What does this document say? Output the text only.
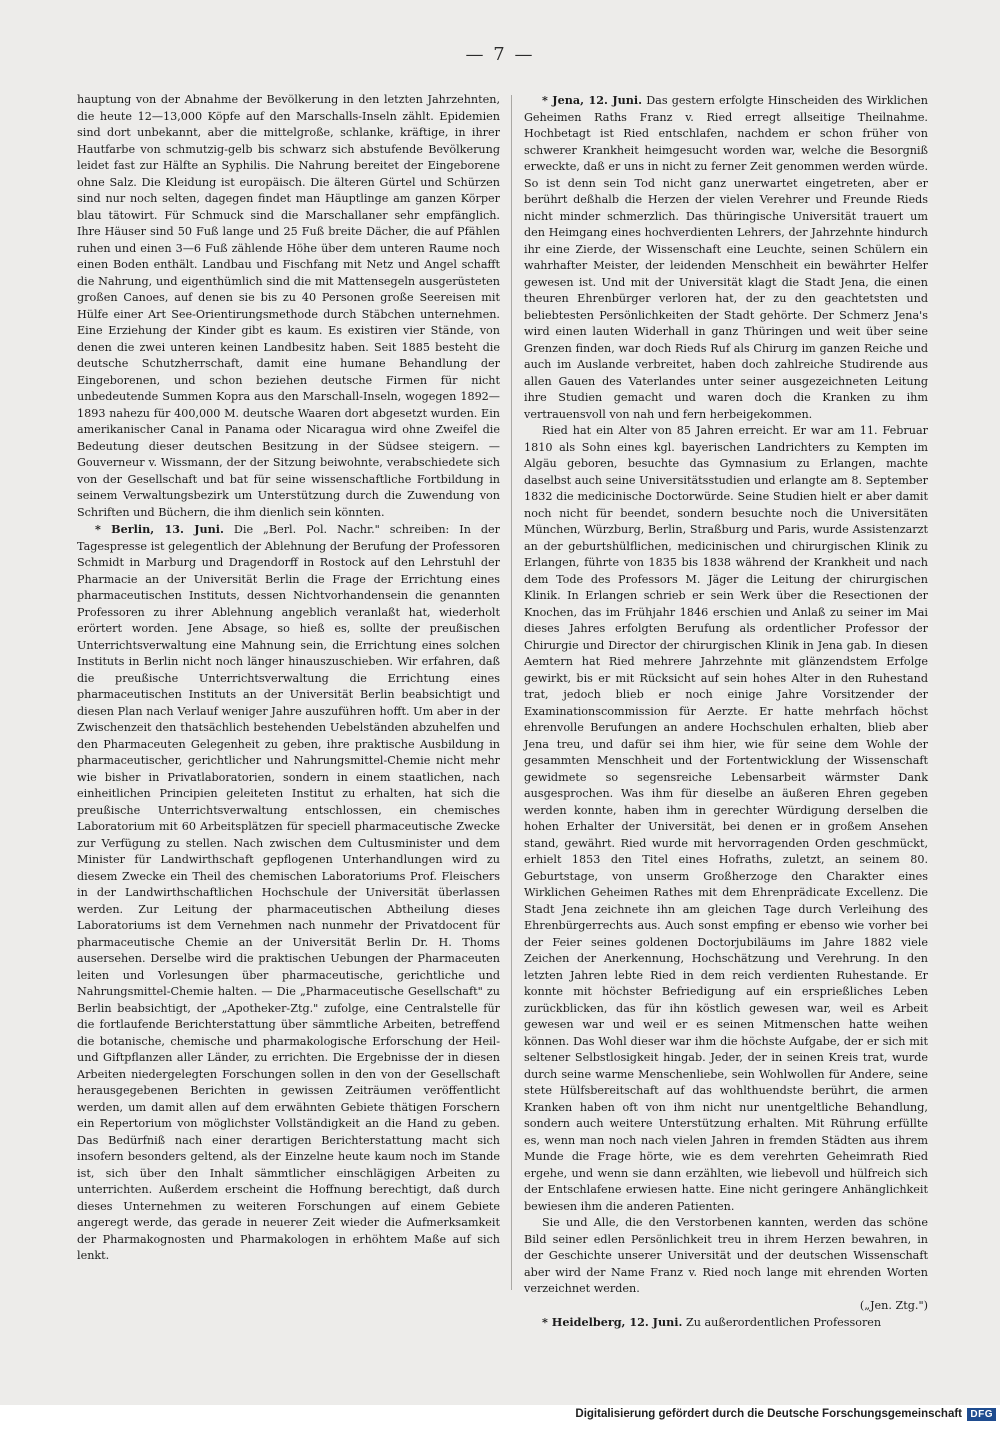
— 7 —

hauptung von der Abnahme der Bevölkerung in den letzten Jahrzehnten, die heute 12—13,000 Köpfe auf den Marschalls-Inseln zählt. Epidemien sind dort unbekannt, aber die mittelgroße, schlanke, kräftige, in ihrer Hautfarbe von schmutzig-gelb bis schwarz sich abstufende Bevölkerung leidet fast zur Hälfte an Syphilis. Die Nahrung bereitet der Eingeborene ohne Salz. Die Kleidung ist europäisch. Die älteren Gürtel und Schürzen sind nur noch selten, dagegen findet man Häuptlinge am ganzen Körper blau tätowirt. Für Schmuck sind die Marschallaner sehr empfänglich. Ihre Häuser sind 50 Fuß lange und 25 Fuß breite Dächer, die auf Pfählen ruhen und einen 3—6 Fuß zählende Höhe über dem unteren Raume noch einen Boden enthält. Landbau und Fischfang mit Netz und Angel schafft die Nahrung, und eigenthümlich sind die mit Mattensegeln ausgerüsteten großen Canoes, auf denen sie bis zu 40 Personen große Seereisen mit Hülfe einer Art See-Orientirungsmethode durch Stäbchen unternehmen. Eine Erziehung der Kinder gibt es kaum. Es existiren vier Stände, von denen die zwei unteren keinen Landbesitz haben. Seit 1885 besteht die deutsche Schutzherrschaft, damit eine humane Behandlung der Eingeborenen, und schon beziehen deutsche Firmen für nicht unbedeutende Summen Kopra aus den Marschall-Inseln, wogegen 1892—1893 nahezu für 400,000 M. deutsche Waaren dort abgesetzt wurden. Ein amerikanischer Canal in Panama oder Nicaragua wird ohne Zweifel die Bedeutung dieser deutschen Besitzung in der Südsee steigern. — Gouverneur v. Wissmann, der der Sitzung beiwohnte, verabschiedete sich von der Gesellschaft und bat für seine wissenschaftliche Fortbildung in seinem Verwaltungsbezirk um Unterstützung durch die Zuwendung von Schriften und Büchern, die ihm dienlich sein könnten.

* Berlin, 13. Juni. Die „Berl. Pol. Nachr." schreiben: In der Tagespresse ist gelegentlich der Ablehnung der Berufung der Professoren Schmidt in Marburg und Dragendorff in Rostock auf den Lehrstuhl der Pharmacie an der Universität Berlin die Frage der Errichtung eines pharmaceutischen Instituts, dessen Nichtvorhandensein die genannten Professoren zu ihrer Ablehnung angeblich veranlaßt hat, wiederholt erörtert worden. Jene Absage, so hieß es, sollte der preußischen Unterrichtsverwaltung eine Mahnung sein, die Errichtung eines solchen Instituts in Berlin nicht noch länger hinauszuschieben. Wir erfahren, daß die preußische Unterrichtsverwaltung die Errichtung eines pharmaceutischen Instituts an der Universität Berlin beabsichtigt und diesen Plan nach Verlauf weniger Jahre auszuführen hofft. Um aber in der Zwischenzeit den thatsächlich bestehenden Uebelständen abzuhelfen und den Pharmaceuten Gelegenheit zu geben, ihre praktische Ausbildung in pharmaceutischer, gerichtlicher und Nahrungsmittel-Chemie nicht mehr wie bisher in Privatlaboratorien, sondern in einem staatlichen, nach einheitlichen Principien geleiteten Institut zu erhalten, hat sich die preußische Unterrichtsverwaltung entschlossen, ein chemisches Laboratorium mit 60 Arbeitsplätzen für speciell pharmaceutische Zwecke zur Verfügung zu stellen. Nach zwischen dem Cultusminister und dem Minister für Landwirthschaft gepflogenen Unterhandlungen wird zu diesem Zwecke ein Theil des chemischen Laboratoriums Prof. Fleischers in der Landwirthschaftlichen Hochschule der Universität überlassen werden. Zur Leitung der pharmaceutischen Abtheilung dieses Laboratoriums ist dem Vernehmen nach nunmehr der Privatdocent für pharmaceutische Chemie an der Universität Berlin Dr. H. Thoms ausersehen. Derselbe wird die praktischen Uebungen der Pharmaceuten leiten und Vorlesungen über pharmaceutische, gerichtliche und Nahrungsmittel-Chemie halten. — Die „Pharmaceutische Gesellschaft" zu Berlin beabsichtigt, der „Apotheker-Ztg." zufolge, eine Centralstelle für die fortlaufende Berichterstattung über sämmtliche Arbeiten, betreffend die botanische, chemische und pharmakologische Erforschung der Heil- und Giftpflanzen aller Länder, zu errichten. Die Ergebnisse der in diesen Arbeiten niedergelegten Forschungen sollen in den von der Gesellschaft herausgegebenen Berichten in gewissen Zeiträumen veröffentlicht werden, um damit allen auf dem erwähnten Gebiete thätigen Forschern ein Repertorium von möglichster Vollständigkeit an die Hand zu geben. Das Bedürfniß nach einer derartigen Berichterstattung macht sich insofern besonders geltend, als der Einzelne heute kaum noch im Stande ist, sich über den Inhalt sämmtlicher einschlägigen Arbeiten zu unterrichten. Außerdem erscheint die Hoffnung berechtigt, daß durch dieses Unternehmen zu weiteren Forschungen auf einem Gebiete angeregt werde, das gerade in neuerer Zeit wieder die Aufmerksamkeit der Pharmakognosten und Pharmakologen in erhöhtem Maße auf sich lenkt.

* Jena, 12. Juni. Das gestern erfolgte Hinscheiden des Wirklichen Geheimen Raths Franz v. Ried erregt allseitige Theilnahme. Hochbetagt ist Ried entschlafen, nachdem er schon früher von schwerer Krankheit heimgesucht worden war, welche die Besorgniß erweckte, daß er uns in nicht zu ferner Zeit genommen werden würde. So ist denn sein Tod nicht ganz unerwartet eingetreten, aber er berührt deßhalb die Herzen der vielen Verehrer und Freunde Rieds nicht minder schmerzlich. Das thüringische Universität trauert um den Heimgang eines hochverdienten Lehrers, der Jahrzehnte hindurch ihr eine Zierde, der Wissenschaft eine Leuchte, seinen Schülern ein wahrhafter Meister, der leidenden Menschheit ein bewährter Helfer gewesen ist. Und mit der Universität klagt die Stadt Jena, die einen theuren Ehrenbürger verloren hat, der zu den geachtetsten und beliebtesten Persönlichkeiten der Stadt gehörte. Der Schmerz Jena's wird einen lauten Widerhall in ganz Thüringen und weit über seine Grenzen finden, war doch Rieds Ruf als Chirurg im ganzen Reiche und auch im Auslande verbreitet, haben doch zahlreiche Studirende aus allen Gauen des Vaterlandes unter seiner ausgezeichneten Leitung ihre Studien gemacht und waren doch die Kranken zu ihm vertrauensvoll von nah und fern herbeigekommen.

Ried hat ein Alter von 85 Jahren erreicht. Er war am 11. Februar 1810 als Sohn eines kgl. bayerischen Landrichters zu Kempten im Algäu geboren, besuchte das Gymnasium zu Erlangen, machte daselbst auch seine Universitätsstudien und erlangte am 8. September 1832 die medicinische Doctorwürde. Seine Studien hielt er aber damit noch nicht für beendet, sondern besuchte noch die Universitäten München, Würzburg, Berlin, Straßburg und Paris, wurde Assistenzarzt an der geburtshülflichen, medicinischen und chirurgischen Klinik zu Erlangen, führte von 1835 bis 1838 während der Krankheit und nach dem Tode des Professors M. Jäger die Leitung der chirurgischen Klinik. In Erlangen schrieb er sein Werk über die Resectionen der Knochen, das im Frühjahr 1846 erschien und Anlaß zu seiner im Mai dieses Jahres erfolgten Berufung als ordentlicher Professor der Chirurgie und Director der chirurgischen Klinik in Jena gab. In diesen Aemtern hat Ried mehrere Jahrzehnte mit glänzendstem Erfolge gewirkt, bis er mit Rücksicht auf sein hohes Alter in den Ruhestand trat, jedoch blieb er noch einige Jahre Vorsitzender der Examinationscommission für Aerzte. Er hatte mehrfach höchst ehrenvolle Berufungen an andere Hochschulen erhalten, blieb aber Jena treu, und dafür sei ihm hier, wie für seine dem Wohle der gesammten Menschheit und der Fortentwicklung der Wissenschaft gewidmete so segensreiche Lebensarbeit wärmster Dank ausgesprochen. Was ihm für dieselbe an äußeren Ehren gegeben werden konnte, haben ihm in gerechter Würdigung derselben die hohen Erhalter der Universität, bei denen er in großem Ansehen stand, gewährt. Ried wurde mit hervorragenden Orden geschmückt, erhielt 1853 den Titel eines Hofraths, zuletzt, an seinem 80. Geburtstage, von unserm Großherzoge den Charakter eines Wirklichen Geheimen Rathes mit dem Ehrenprädicate Excellenz. Die Stadt Jena zeichnete ihn am gleichen Tage durch Verleihung des Ehrenbürgerrechts aus. Auch sonst empfing er ebenso wie vorher bei der Feier seines goldenen Doctorjubiläums im Jahre 1882 viele Zeichen der Anerkennung, Hochschätzung und Verehrung. In den letzten Jahren lebte Ried in dem reich verdienten Ruhestande. Er konnte mit höchster Befriedigung auf ein ersprießliches Leben zurückblicken, das für ihn köstlich gewesen war, weil es Arbeit gewesen war und weil er es seinen Mitmenschen hatte weihen können. Das Wohl dieser war ihm die höchste Aufgabe, der er sich mit seltener Selbstlosigkeit hingab. Jeder, der in seinen Kreis trat, wurde durch seine warme Menschenliebe, sein Wohlwollen für Andere, seine stete Hülfsbereitschaft auf das wohlthuendste berührt, die armen Kranken haben oft von ihm nicht nur unentgeltliche Behandlung, sondern auch weitere Unterstützung erhalten. Mit Rührung erfüllte es, wenn man noch nach vielen Jahren in fremden Städten aus ihrem Munde die Frage hörte, wie es dem verehrten Geheimrath Ried ergehe, und wenn sie dann erzählten, wie liebevoll und hülfreich sich der Entschlafene erwiesen hatte. Eine nicht geringere Anhänglichkeit bewiesen ihm die anderen Patienten.

Sie und Alle, die den Verstorbenen kannten, werden das schöne Bild seiner edlen Persönlichkeit treu in ihrem Herzen bewahren, in der Geschichte unserer Universität und der deutschen Wissenschaft aber wird der Name Franz v. Ried noch lange mit ehrenden Worten verzeichnet werden.

(„Jen. Ztg.")

* Heidelberg, 12. Juni. Zu außerordentlichen Professoren

Digitalisierung gefördert durch die Deutsche Forschungsgemeinschaft DFG
